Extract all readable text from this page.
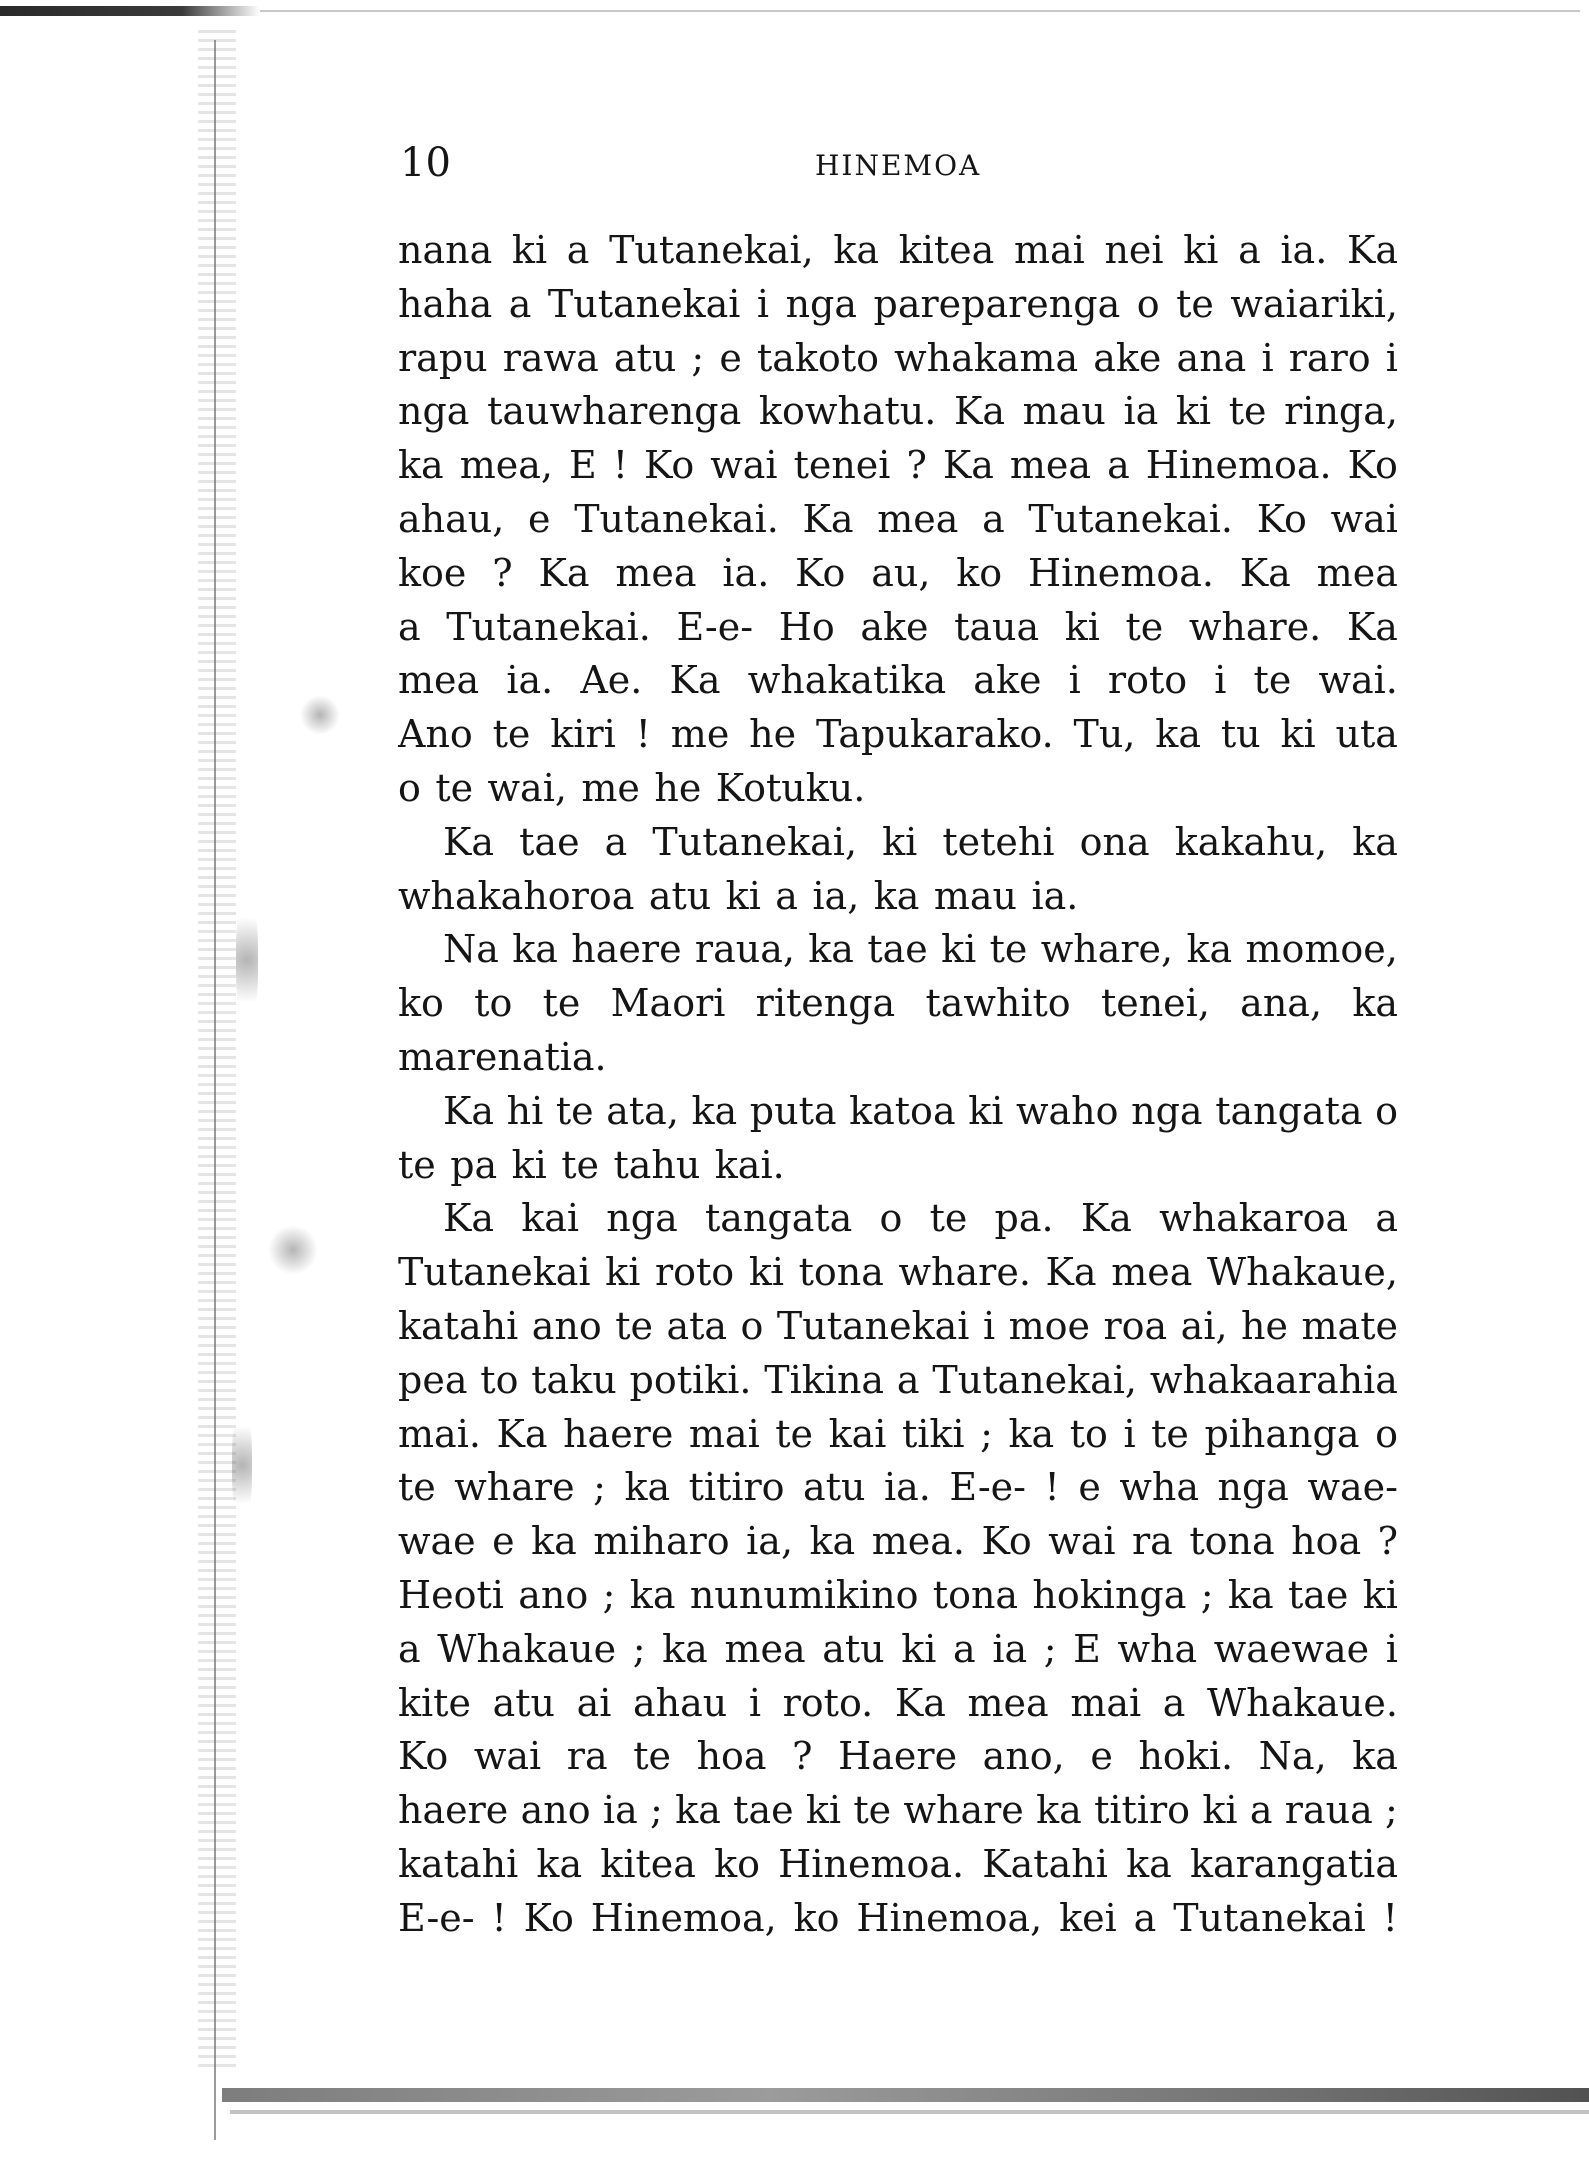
10	HINEMOA
nana ki a Tutanekai, ka kitea mai nei ki a ia. Ka
haha a Tutanekai i nga pareparenga o te waiariki,
rapu rawa atu ; e takoto whakama ake ana i raro i
nga tauwharenga kowhatu. Ka mau ia ki te ringa,
ka mea, E ! Ko wai tenei ? Ka mea a Hinemoa. Ko
ahau, e Tutanekai. Ka mea a Tutanekai. Ko wai
koe ? Ka mea ia. Ko au, ko Hinemoa. Ka mea
a Tutanekai. E-e- Ho ake taua ki te whare. Ka
mea ia. Ae. Ka whakatika ake i roto i te wai.
Ano te kiri ! me he Tapukarako. Tu, ka tu ki uta
o te wai, me he Kotuku.
Ka tae a Tutanekai, ki tetehi ona kakahu, ka
whakahoroa atu ki a ia, ka mau ia.
Na ka haere raua, ka tae ki te whare, ka momoe,
ko to te Maori ritenga tawhito tenei, ana, ka
marenatia.
Ka hi te ata, ka puta katoa ki waho nga tangata o
te pa ki te tahu kai.
Ka kai nga tangata o te pa. Ka whakaroa a
Tutanekai ki roto ki tona whare. Ka mea Whakaue,
katahi ano te ata o Tutanekai i moe roa ai, he mate
pea to taku potiki. Tikina a Tutanekai, whakaarahia
mai. Ka haere mai te kai tiki ; ka to i te pihanga o
te whare ; ka titiro atu ia. E-e- ! e wha nga wae-
wae e ka miharo ia, ka mea. Ko wai ra tona hoa ?
Heoti ano ; ka nunumikino tona hokinga ; ka tae ki
a Whakaue ; ka mea atu ki a ia ; E wha waewae i
kite atu ai ahau i roto. Ka mea mai a Whakaue.
Ko wai ra te hoa ? Haere ano, e hoki. Na, ka
haere ano ia ; ka tae ki te whare ka titiro ki a raua ;
katahi ka kitea ko Hinemoa. Katahi ka karangatia
E-e- ! Ko Hinemoa, ko Hinemoa, kei a Tutanekai !
